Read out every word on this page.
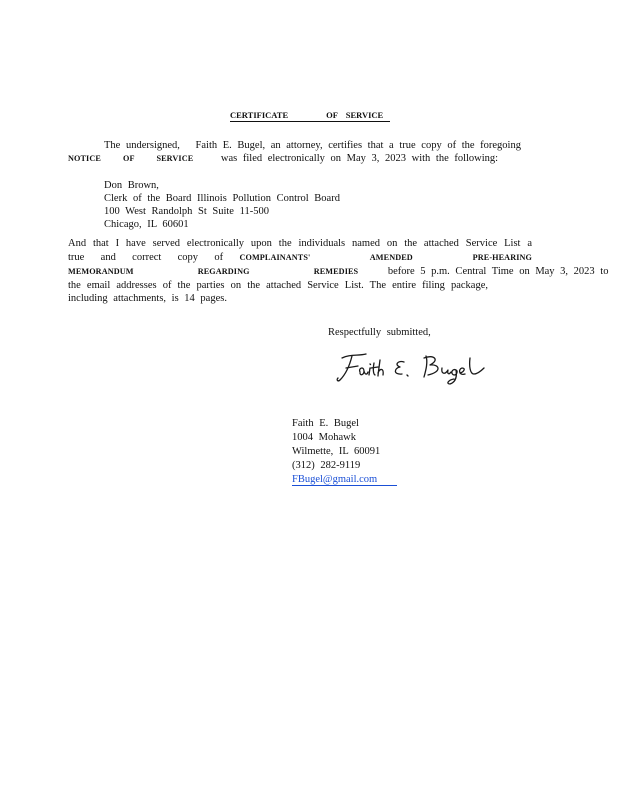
CERTIFICATE	OF SERVICE
The undersigned, Faith E. Bugel, an attorney, certifies that a true copy of the foregoing
NOTICE OF SERVICE	was filed electronically on May 3, 2023 with the following:
Don Brown,
Clerk of the Board Illinois Pollution Control Board
100 West Randolph St Suite 11-500
Chicago, IL 60601
And that I have served electronically upon the individuals named on the attached Service List a
true and correct copy of COMPLAINANTS' AMENDED PRE-HEARING
MEMORANDUM REGARDING REMEDIES	before 5 p.m. Central Time on May 3, 2023 to
the email addresses of the parties on the attached Service List. The entire filing package,
including attachments, is 14 pages.
Respectfully submitted,
Faith E. Bugel
1004 Mohawk
Wilmette, IL 60091
(312) 282-9119
FBugel@gmail.com
